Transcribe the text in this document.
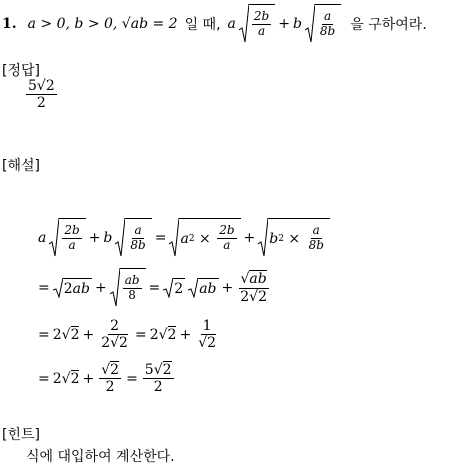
1. a > 0, b > 0, √ab = 2 일 때, a $\frac{2b}{a} + b \frac{a}{8b}$ 을 구하여라.
[정답]
$\frac{5√2}{2}$
[해설]
a $\frac{2b}{a} + b \frac{a}{8b} = a$ $2 \times \frac{2b}{a} + b$ $2 \times \frac{a}{8b}$
= 2 ab + $\frac{ab}{8} = 2$ ab + $\frac{√ab}{2√2}$
= $2√2 + \frac{2}{2√2} = 2√2 + \frac{1}{√2}$
= $2√2 + \frac{√2}{2} = \frac{5√2}{2}$
[힌트]
식에 대입하여 계산한다.
